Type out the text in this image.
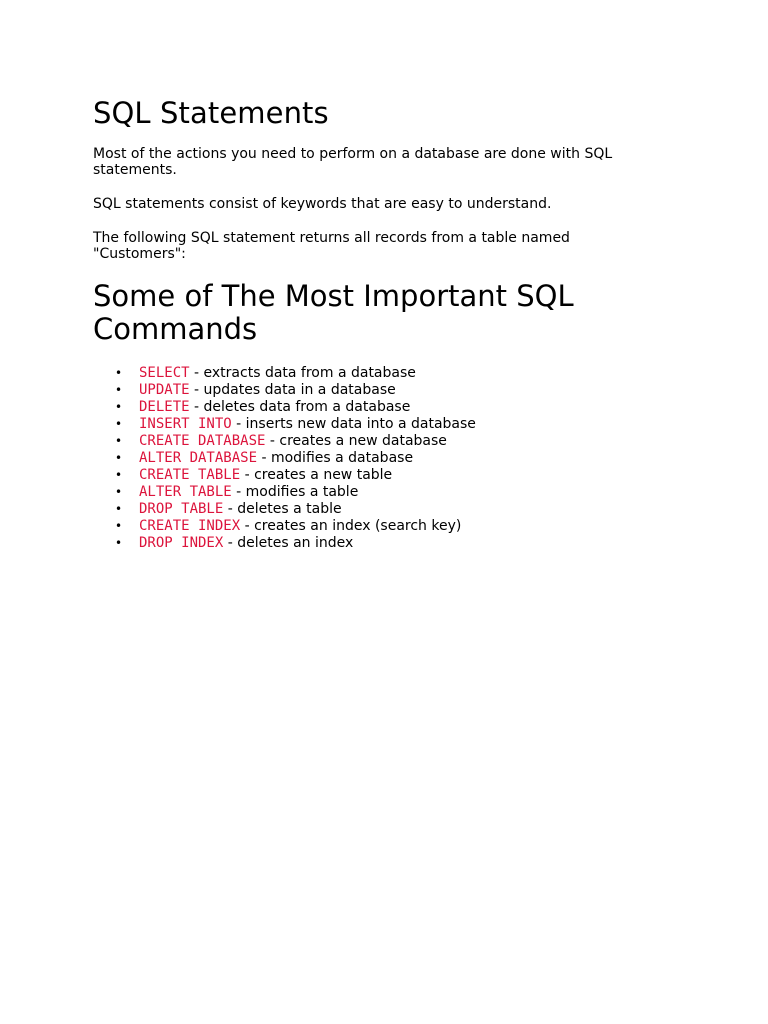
SQL Statements

Most of the actions you need to perform on a database are done with SQL statements.

SQL statements consist of keywords that are easy to understand.

The following SQL statement returns all records from a table named "Customers":

Some of The Most Important SQL Commands
• SELECT - extracts data from a database
• UPDATE - updates data in a database
• DELETE - deletes data from a database
• INSERT INTO - inserts new data into a database
• CREATE DATABASE - creates a new database
• ALTER DATABASE - modifies a database
• CREATE TABLE - creates a new table
• ALTER TABLE - modifies a table
• DROP TABLE - deletes a table
• CREATE INDEX - creates an index (search key)
• DROP INDEX - deletes an index
